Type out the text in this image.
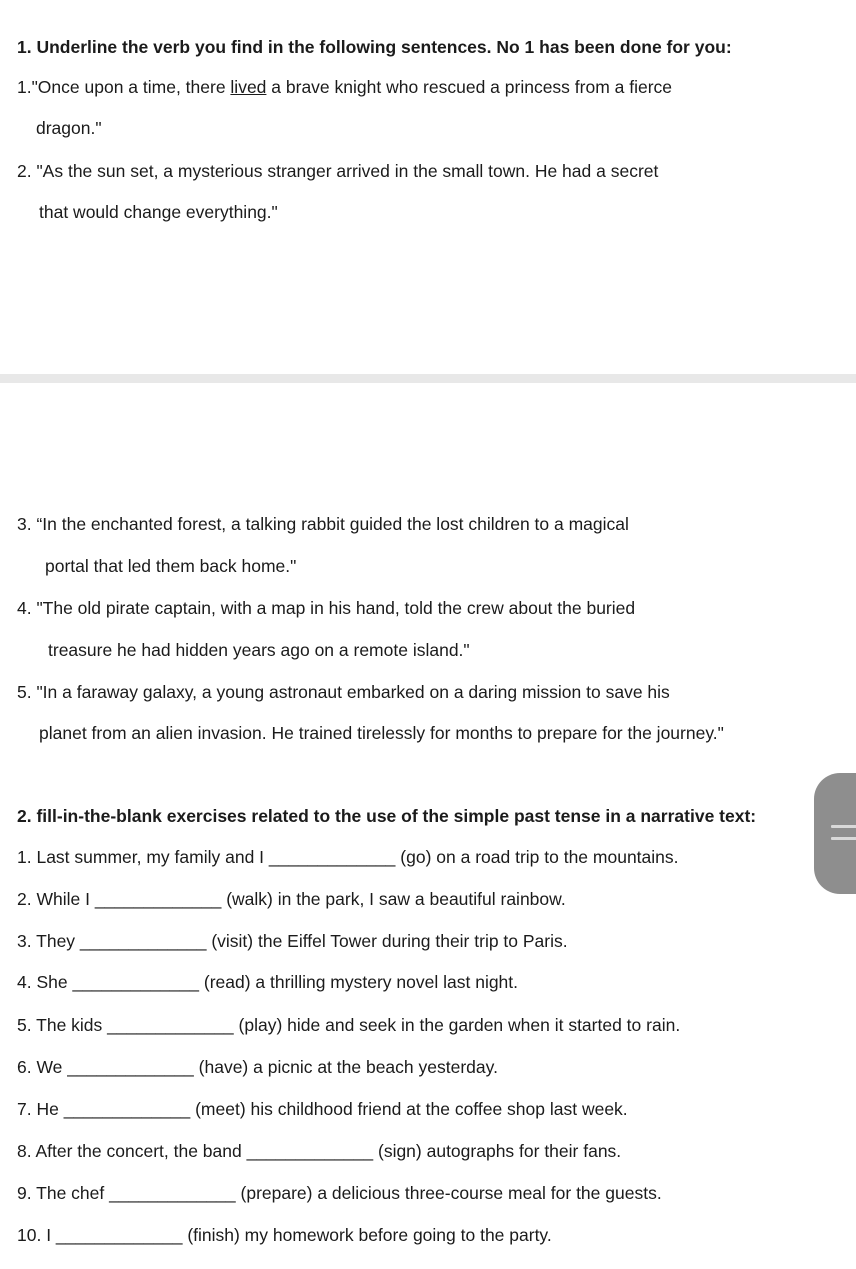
1. Underline the verb you find in the following sentences. No 1 has been done for you:
1."Once upon a time, there lived a brave knight who rescued a princess from a fierce
dragon."
2. "As the sun set, a mysterious stranger arrived in the small town. He had a secret
that would change everything."
3. “In the enchanted forest, a talking rabbit guided the lost children to a magical
portal that led them back home."
4. "The old pirate captain, with a map in his hand, told the crew about the buried
treasure he had hidden years ago on a remote island."
5. "In a faraway galaxy, a young astronaut embarked on a daring mission to save his
planet from an alien invasion. He trained tirelessly for months to prepare for the journey."
2. fill-in-the-blank exercises related to the use of the simple past tense in a narrative text:
1. Last summer, my family and I _____________ (go) on a road trip to the mountains.
2. While I _____________ (walk) in the park, I saw a beautiful rainbow.
3. They _____________ (visit) the Eiffel Tower during their trip to Paris.
4. She _____________ (read) a thrilling mystery novel last night.
5. The kids _____________ (play) hide and seek in the garden when it started to rain.
6. We _____________ (have) a picnic at the beach yesterday.
7. He _____________ (meet) his childhood friend at the coffee shop last week.
8. After the concert, the band _____________ (sign) autographs for their fans.
9. The chef _____________ (prepare) a delicious three-course meal for the guests.
10. I _____________ (finish) my homework before going to the party.
